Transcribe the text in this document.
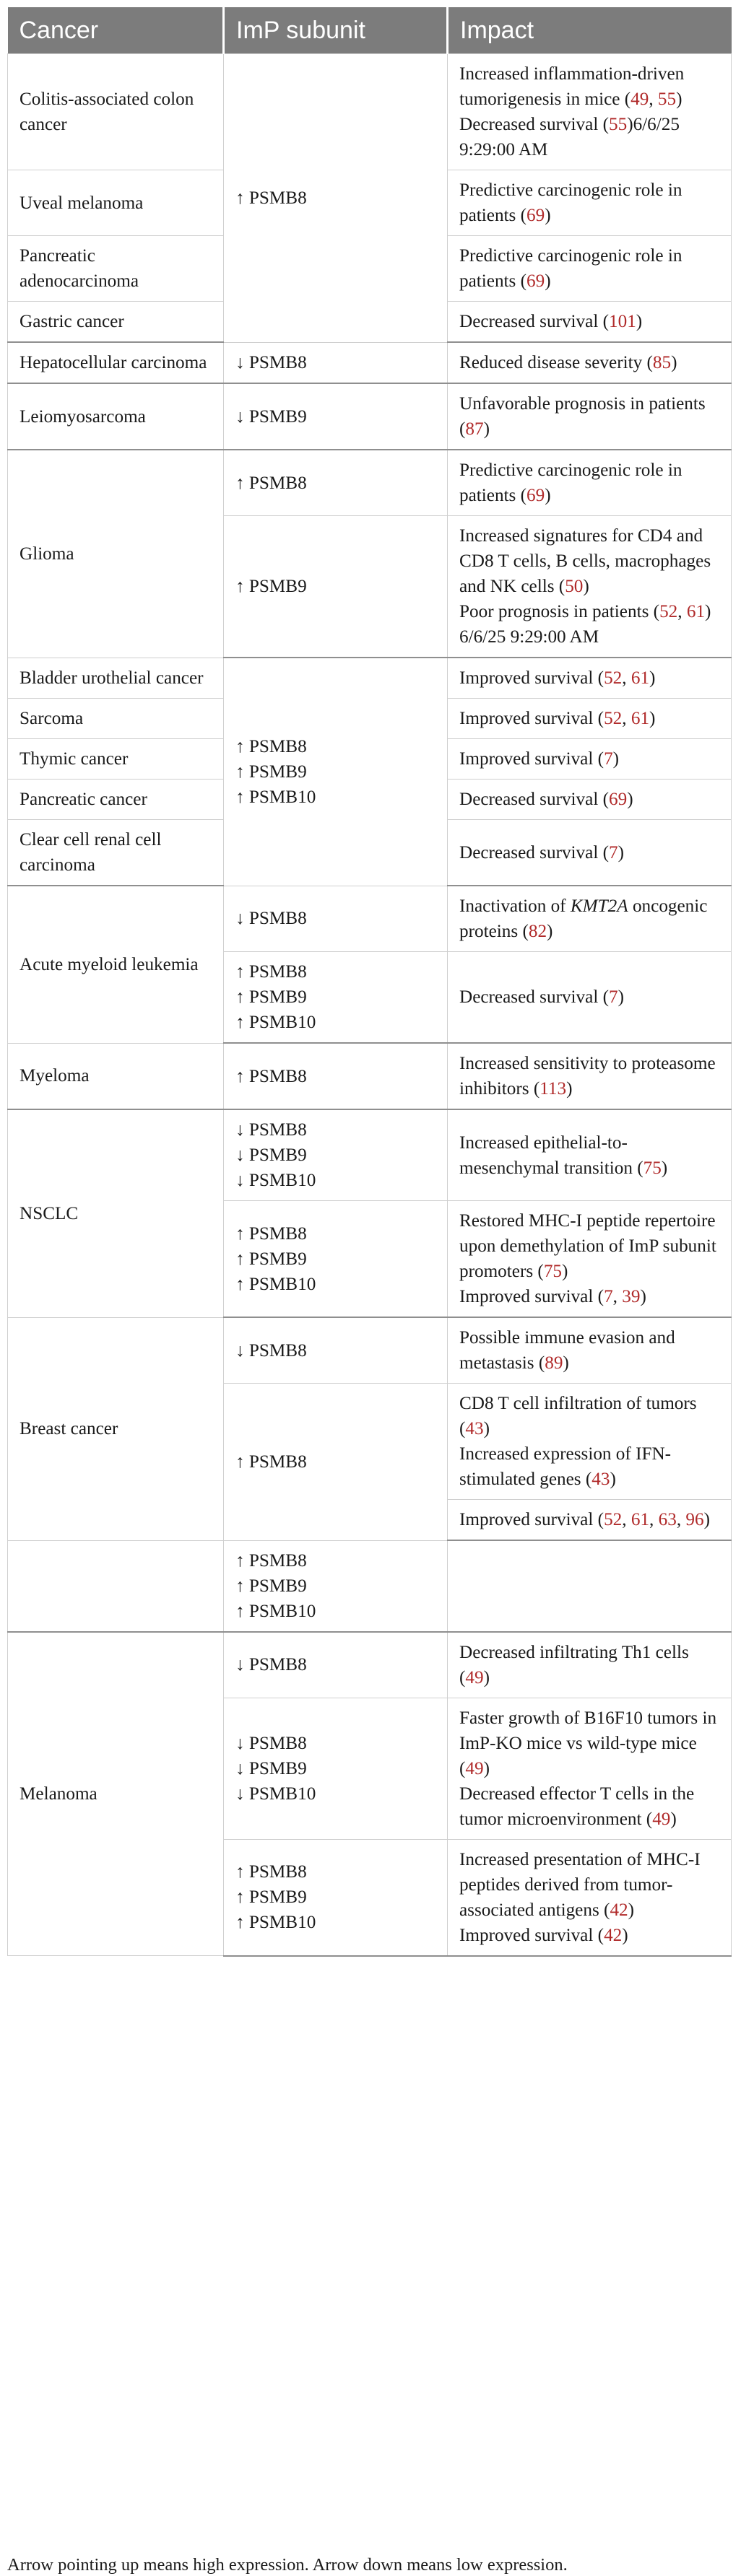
Cancer	ImP subunit	Impact

Colitis-associated colon cancer	↑ PSMB8	Increased inflammation-driven tumorigenesis in mice (49, 55)
Decreased survival (55)6/6/25 9:29:00 AM

Uveal melanoma		Predictive carcinogenic role in patients (69)

Pancreatic adenocarcinoma		Predictive carcinogenic role in patients (69)

Gastric cancer		Decreased survival (101)

Hepatocellular carcinoma	↓ PSMB8	Reduced disease severity (85)

Leiomyosarcoma	↓ PSMB9	Unfavorable prognosis in patients (87)

Glioma	↑ PSMB8	Predictive carcinogenic role in patients (69)

	↑ PSMB9	Increased signatures for CD4 and CD8 T cells, B cells, macrophages and NK cells (50)
Poor prognosis in patients (52, 61) 6/6/25 9:29:00 AM

Bladder urothelial cancer	↑ PSMB8
↑ PSMB9
↑ PSMB10	Improved survival (52, 61)

Sarcoma		Improved survival (52, 61)

Thymic cancer		Improved survival (7)

Pancreatic cancer		Decreased survival (69)

Clear cell renal cell carcinoma		Decreased survival (7)

Acute myeloid leukemia	↓ PSMB8	Inactivation of KMT2A oncogenic proteins (82)

	↑ PSMB8
↑ PSMB9
↑ PSMB10	Decreased survival (7)

Myeloma	↑ PSMB8	Increased sensitivity to proteasome inhibitors (113)

NSCLC	↓ PSMB8
↓ PSMB9
↓ PSMB10	Increased epithelial-to-mesenchymal transition (75)

	↑ PSMB8
↑ PSMB9
↑ PSMB10	Restored MHC-I peptide repertoire upon demethylation of ImP subunit promoters (75)
Improved survival (7, 39)

Breast cancer	↓ PSMB8	Possible immune evasion and metastasis (89)

	↑ PSMB8	CD8 T cell infiltration of tumors (43)
Increased expression of IFN-stimulated genes (43)

		Improved survival (52, 61, 63, 96)

	↑ PSMB8
↑ PSMB9
↑ PSMB10	

Melanoma	↓ PSMB8	Decreased infiltrating Th1 cells (49)

	↓ PSMB8
↓ PSMB9
↓ PSMB10	Faster growth of B16F10 tumors in ImP-KO mice vs wild-type mice (49)
Decreased effector T cells in the tumor microenvironment (49)

	↑ PSMB8
↑ PSMB9
↑ PSMB10	Increased presentation of MHC-I peptides derived from tumor-associated antigens (42)
Improved survival (42)
Arrow pointing up means high expression. Arrow down means low expression.
